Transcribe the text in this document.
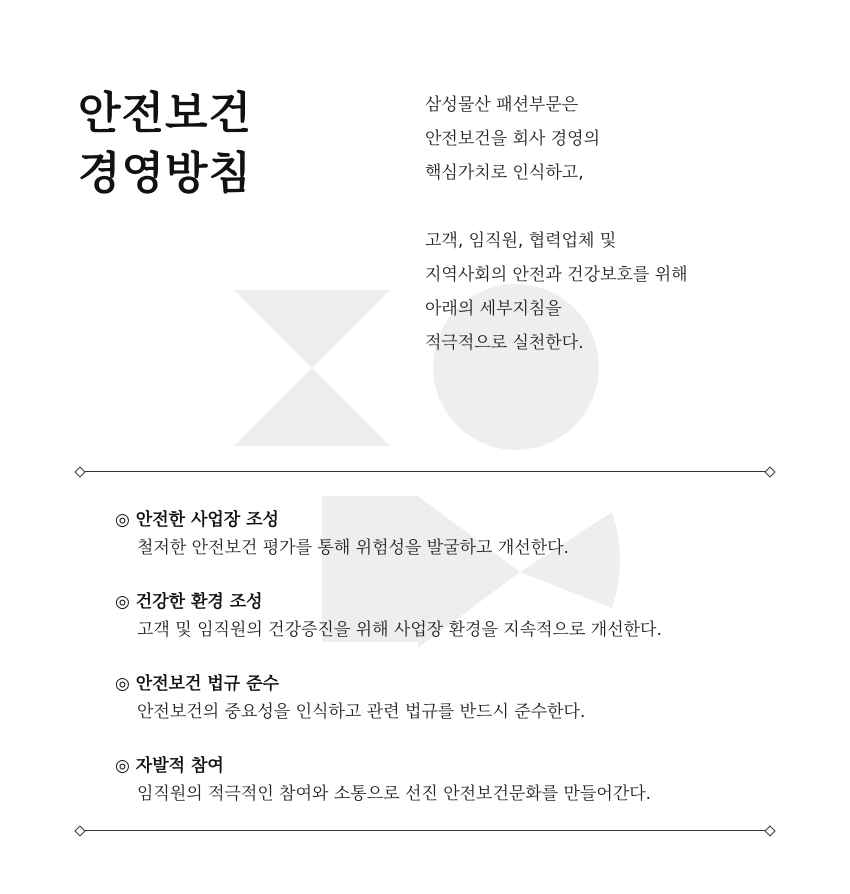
안전보건
경영방침

삼성물산 패션부문은

안전보건을 회사 경영의

핵심가치로 인식하고,

고객, 임직원, 협력업체 및

지역사회의 안전과 건강보호를 위해

아래의 세부지침을

적극적으로 실천한다.

◎ 안전한 사업장 조성
철저한 안전보건 평가를 통해 위험성을 발굴하고 개선한다.
◎ 건강한 환경 조성
고객 및 임직원의 건강증진을 위해 사업장 환경을 지속적으로 개선한다.
◎ 안전보건 법규 준수
안전보건의 중요성을 인식하고 관련 법규를 반드시 준수한다.
◎ 자발적 참여
임직원의 적극적인 참여와 소통으로 선진 안전보건문화를 만들어간다.
